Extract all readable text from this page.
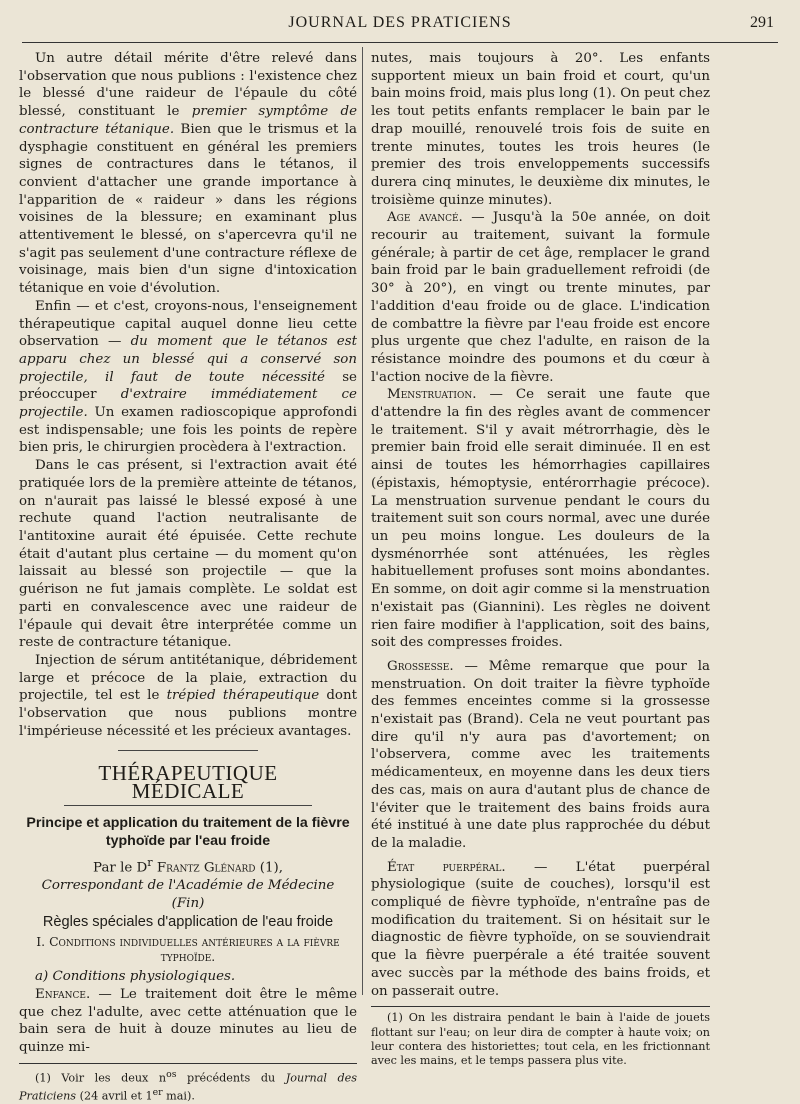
JOURNAL DES PRATICIENS	291

Un autre détail mérite d'être relevé dans l'observation que nous publions : l'existence chez le blessé d'une raideur de l'épaule du côté blessé, constituant le premier symptôme de contracture tétanique. Bien que le trismus et la dysphagie constituent en général les premiers signes de contractures dans le tétanos, il convient d'attacher une grande importance à l'apparition de « raideur » dans les régions voisines de la blessure; en examinant plus attentivement le blessé, on s'apercevra qu'il ne s'agit pas seulement d'une contracture réflexe de voisinage, mais bien d'un signe d'intoxication tétanique en voie d'évolution.

Enfin — et c'est, croyons-nous, l'enseignement thérapeutique capital auquel donne lieu cette observation — du moment que le tétanos est apparu chez un blessé qui a conservé son projectile, il faut de toute nécessité se préoccuper d'extraire immédiatement ce projectile. Un examen radioscopique approfondi est indispensable; une fois les points de repère bien pris, le chirurgien procèdera à l'extraction.

Dans le cas présent, si l'extraction avait été pratiquée lors de la première atteinte de tétanos, on n'aurait pas laissé le blessé exposé à une rechute quand l'action neutralisante de l'antitoxine aurait été épuisée. Cette rechute était d'autant plus certaine — du moment qu'on laissait au blessé son projectile — que la guérison ne fut jamais complète. Le soldat est parti en convalescence avec une raideur de l'épaule qui devait être interprétée comme un reste de contracture tétanique.

Injection de sérum antitétanique, débridement large et précoce de la plaie, extraction du projectile, tel est le trépied thérapeutique dont l'observation que nous publions montre l'impérieuse nécessité et les précieux avantages.

THÉRAPEUTIQUE MÉDICALE
Principe et application du traitement de la fièvre typhoïde par l'eau froide
Par le $D^r$ Frantz Glénard (1),
Correspondant de l'Académie de Médecine
(Fin)
Règles spéciales d'application de l'eau froide
I. Conditions individuelles antérieures a la fièvre typhoïde.

a) Conditions physiologiques.

Enfance. — Le traitement doit être le même que chez l'adulte, avec cette atténuation que le bain sera de huit à douze minutes au lieu de quinze mi-

(1) Voir les deux $n^{os}$ précédents du Journal des Praticiens (24 avril et 1er mai).

nutes, mais toujours à 20°. Les enfants supportent mieux un bain froid et court, qu'un bain moins froid, mais plus long (1). On peut chez les tout petits enfants remplacer le bain par le drap mouillé, renouvelé trois fois de suite en trente minutes, toutes les trois heures (le premier des trois enveloppements successifs durera cinq minutes, le deuxième dix minutes, le troisième quinze minutes).

Age avancé. — Jusqu'à la 50e année, on doit recourir au traitement, suivant la formule générale; à partir de cet âge, remplacer le grand bain froid par le bain graduellement refroidi (de 30° à 20°), en vingt ou trente minutes, par l'addition d'eau froide ou de glace. L'indication de combattre la fièvre par l'eau froide est encore plus urgente que chez l'adulte, en raison de la résistance moindre des poumons et du cœur à l'action nocive de la fièvre.

Menstruation. — Ce serait une faute que d'attendre la fin des règles avant de commencer le traitement. S'il y avait métrorrhagie, dès le premier bain froid elle serait diminuée. Il en est ainsi de toutes les hémorrhagies capillaires (épistaxis, hémoptysie, entérorrhagie précoce). La menstruation survenue pendant le cours du traitement suit son cours normal, avec une durée un peu moins longue. Les douleurs de la dysménorrhée sont atténuées, les règles habituellement profuses sont moins abondantes. En somme, on doit agir comme si la menstruation n'existait pas (Giannini). Les règles ne doivent rien faire modifier à l'application, soit des bains, soit des compresses froides.

Grossesse. — Même remarque que pour la menstruation. On doit traiter la fièvre typhoïde des femmes enceintes comme si la grossesse n'existait pas (Brand). Cela ne veut pourtant pas dire qu'il n'y aura pas d'avortement; on l'observera, comme avec les traitements médicamenteux, en moyenne dans les deux tiers des cas, mais on aura d'autant plus de chance de l'éviter que le traitement des bains froids aura été institué à une date plus rapprochée du début de la maladie.

État puerpéral. — L'état puerpéral physiologique (suite de couches), lorsqu'il est compliqué de fièvre typhoïde, n'entraîne pas de modification du traitement. Si on hésitait sur le diagnostic de fièvre typhoïde, on se souviendrait que la fièvre puerpérale a été traitée souvent avec succès par la méthode des bains froids, et on passerait outre.

(1) On les distraira pendant le bain à l'aide de jouets flottant sur l'eau; on leur dira de compter à haute voix; on leur contera des historiettes; tout cela, en les frictionnant avec les mains, et le temps passera plus vite.
